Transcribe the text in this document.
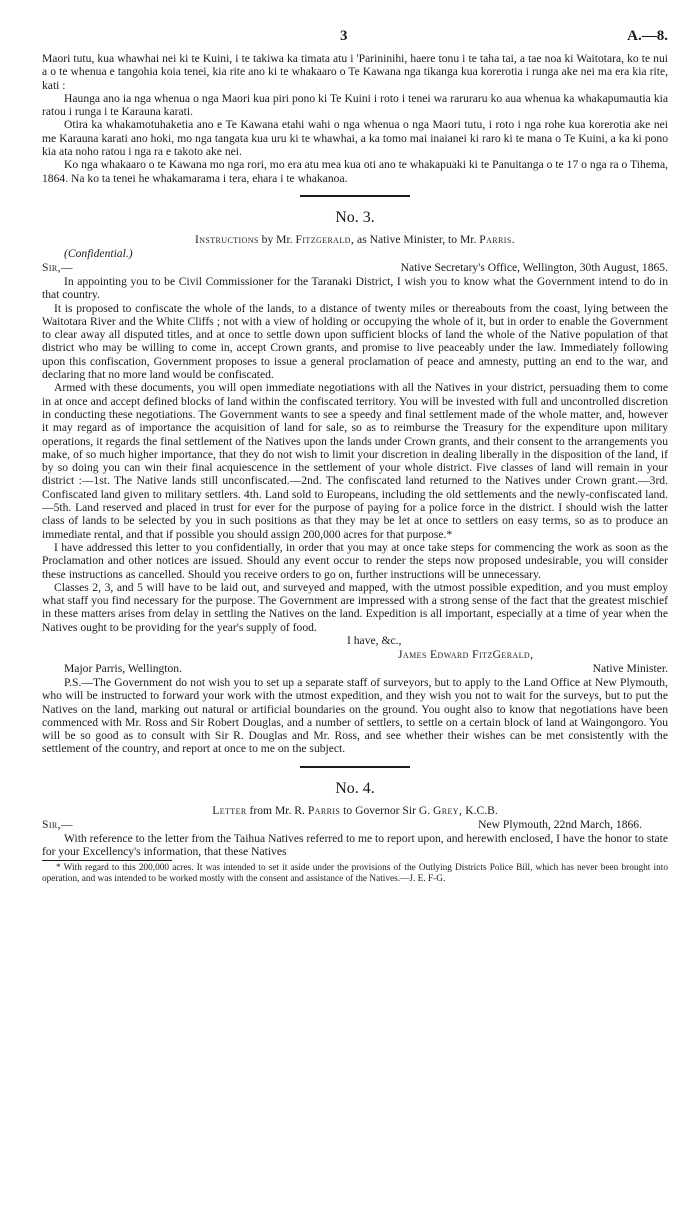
3	A.—8.

Maori tutu, kua whawhai nei ki te Kuini, i te takiwa ka timata atu i 'Parininihi, haere tonu i te taha tai, a tae noa ki Waitotara, ko te nui a o te whenua e tangohia koia tenei, kia rite ano ki te whakaaro o Te Kawana nga tikanga kua korerotia i runga ake nei ma era kia rite, kati :

Haunga ano ia nga whenua o nga Maori kua piri pono ki Te Kuini i roto i tenei wa raruraru ko aua whenua ka whakapumautia kia ratou i runga i te Karauna karati.

Otira ka whakamotuhaketia ano e Te Kawana etahi wahi o nga whenua o nga Maori tutu, i roto i nga rohe kua korerotia ake nei me Karauna karati ano hoki, mo nga tangata kua uru ki te whawhai, a ka tomo mai inaianei ki raro ki te mana o Te Kuini, a ka ki pono kia ata noho ratou i nga ra e takoto ake nei.

Ko nga whakaaro o te Kawana mo nga rori, mo era atu mea kua oti ano te whakapuaki ki te Panuitanga o te 17 o nga ra o Tihema, 1864. Na ko ta tenei he whakamarama i tera, ehara i te whakanoa.

No. 3.
Instructions by Mr. Fitzgerald, as Native Minister, to Mr. Parris.
(Confidential.)
Sir,—	Native Secretary's Office, Wellington, 30th August, 1865.

In appointing you to be Civil Commissioner for the Taranaki District, I wish you to know what the Government intend to do in that country.

It is proposed to confiscate the whole of the lands, to a distance of twenty miles or thereabouts from the coast, lying between the Waitotara River and the White Cliffs ; not with a view of holding or occupying the whole of it, but in order to enable the Government to clear away all disputed titles, and at once to settle down upon sufficient blocks of land the whole of the Native population of that district who may be willing to come in, accept Crown grants, and promise to live peaceably under the law. Immediately following upon this confiscation, Government proposes to issue a general proclamation of peace and amnesty, putting an end to the war, and declaring that no more land would be confiscated.

Armed with these documents, you will open immediate negotiations with all the Natives in your district, persuading them to come in at once and accept defined blocks of land within the confiscated territory. You will be invested with full and uncontrolled discretion in conducting these negotiations. The Government wants to see a speedy and final settlement made of the whole matter, and, however it may regard as of importance the acquisition of land for sale, so as to reimburse the Treasury for the expenditure upon military operations, it regards the final settlement of the Natives upon the lands under Crown grants, and their consent to the arrangements you make, of so much higher importance, that they do not wish to limit your discretion in dealing liberally in the disposition of the land, if by so doing you can win their final acquiescence in the settlement of your whole district. Five classes of land will remain in your district :—1st. The Native lands still unconfiscated.—2nd. The confiscated land returned to the Natives under Crown grant.—3rd. Confiscated land given to military settlers. 4th. Land sold to Europeans, including the old settlements and the newly-confiscated land.—5th. Land reserved and placed in trust for ever for the purpose of paying for a police force in the district. I should wish the latter class of lands to be selected by you in such positions as that they may be let at once to settlers on easy terms, so as to produce an immediate rental, and that if possible you should assign 200,000 acres for that purpose.*

I have addressed this letter to you confidentially, in order that you may at once take steps for commencing the work as soon as the Proclamation and other notices are issued. Should any event occur to render the steps now proposed undesirable, you will consider these instructions as cancelled. Should you receive orders to go on, further instructions will be unnecessary.

Classes 2, 3, and 5 will have to be laid out, and surveyed and mapped, with the utmost possible expedition, and you must employ what staff you find necessary for the purpose. The Government are impressed with a strong sense of the fact that the greatest mischief in these matters arises from delay in settling the Natives on the land. Expedition is all important, especially at a time of year when the Natives ought to be providing for the year's supply of food.

I have, &c.,
James Edward FitzGerald,
Major Parris, Wellington.	Native Minister.

P.S.—The Government do not wish you to set up a separate staff of surveyors, but to apply to the Land Office at New Plymouth, who will be instructed to forward your work with the utmost expedition, and they wish you not to wait for the surveys, but to put the Natives on the land, marking out natural or artificial boundaries on the ground. You ought also to know that negotiations have been commenced with Mr. Ross and Sir Robert Douglas, and a number of settlers, to settle on a certain block of land at Waingongoro. You will be so good as to consult with Sir R. Douglas and Mr. Ross, and see whether their wishes can be met consistently with the settlement of the country, and report at once to me on the subject.

No. 4.
Letter from Mr. R. Parris to Governor Sir G. Grey, K.C.B.
Sir,—	New Plymouth, 22nd March, 1866.

With reference to the letter from the Taihua Natives referred to me to report upon, and herewith enclosed, I have the honor to state for your Excellency's information, that these Natives

* With regard to this 200,000 acres. It was intended to set it aside under the provisions of the Outlying Districts Police Bill, which has never been brought into operation, and was intended to be worked mostly with the consent and assistance of the Natives.—J. E. F-G.
